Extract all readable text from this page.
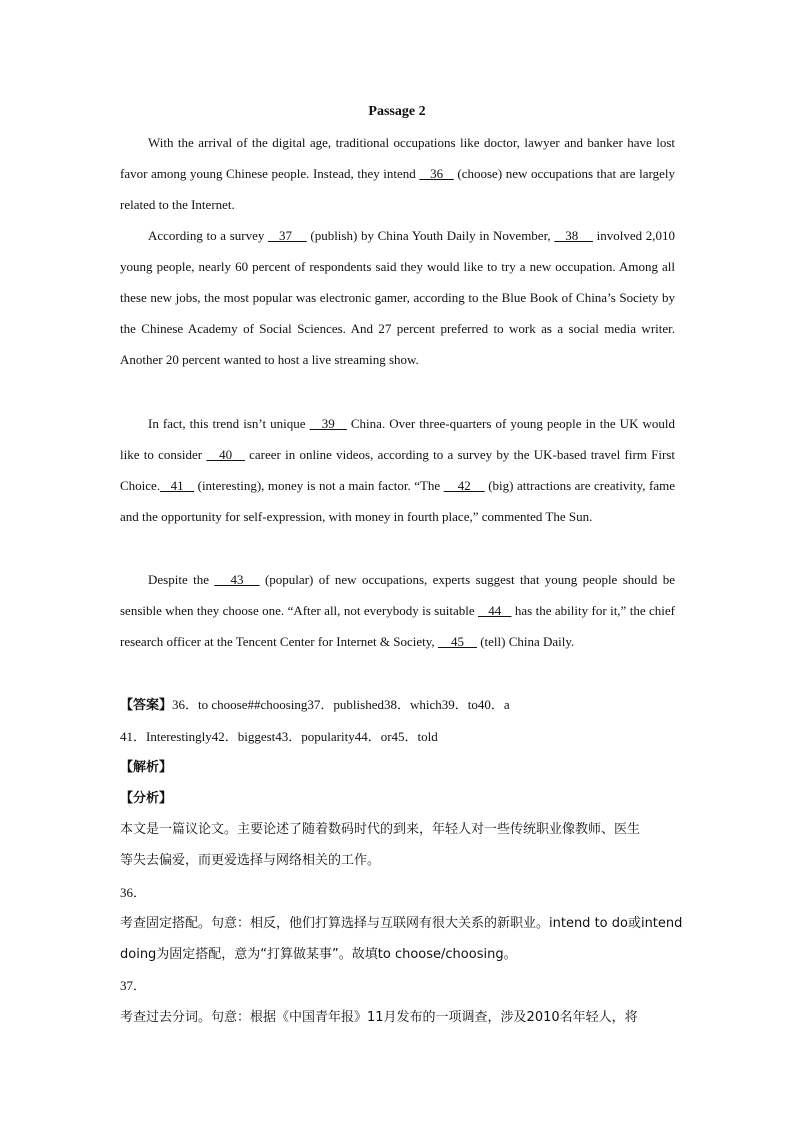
Passage 2

With the arrival of the digital age, traditional occupations like doctor, lawyer and banker have lost favor among young Chinese people. Instead, they intend    36    (choose) new occupations that are largely related to the Internet.

According to a survey    37     (publish) by China Youth Daily in November,    38     involved 2,010 young people, nearly 60 percent of respondents said they would like to try a new occupation. Among all these new jobs, the most popular was electronic gamer, according to the Blue Book of China’s Society by the Chinese Academy of Social Sciences. And 27 percent preferred to work as a social media writer. Another 20 percent wanted to host a live streaming show.

In fact, this trend isn’t unique    39    China. Over three-quarters of young people in the UK would like to consider    40    career in online videos, according to a survey by the UK-based travel firm First Choice.   41    (interesting), money is not a main factor. “The     42     (big) attractions are creativity, fame and the opportunity for self-expression, with money in fourth place,” commented The Sun.

Despite the    43    (popular) of new occupations, experts suggest that young people should be sensible when they choose one. “After all, not everybody is suitable    44    has the ability for it,” the chief research officer at the Tencent Center for Internet & Society,     45     (tell) China Daily.

【答案】36．to choose##choosing37．published38．which39．to40．a
41．Interestingly42．biggest43．popularity44．or45．told
【解析】
【分析】
本文是一篇议论文。主要论述了随着数码时代的到来，年轻人对一些传统职业像教师、医生
等失去偏爱，而更爱选择与网络相关的工作。
36．
考查固定搭配。句意：相反，他们打算选择与互联网有很大关系的新职业。intend to do或intend
doing为固定搭配，意为“打算做某事”。故填to choose/choosing。
37．
考查过去分词。句意：根据《中国青年报》11月发布的一项调查，涉及2010名年轻人，将
